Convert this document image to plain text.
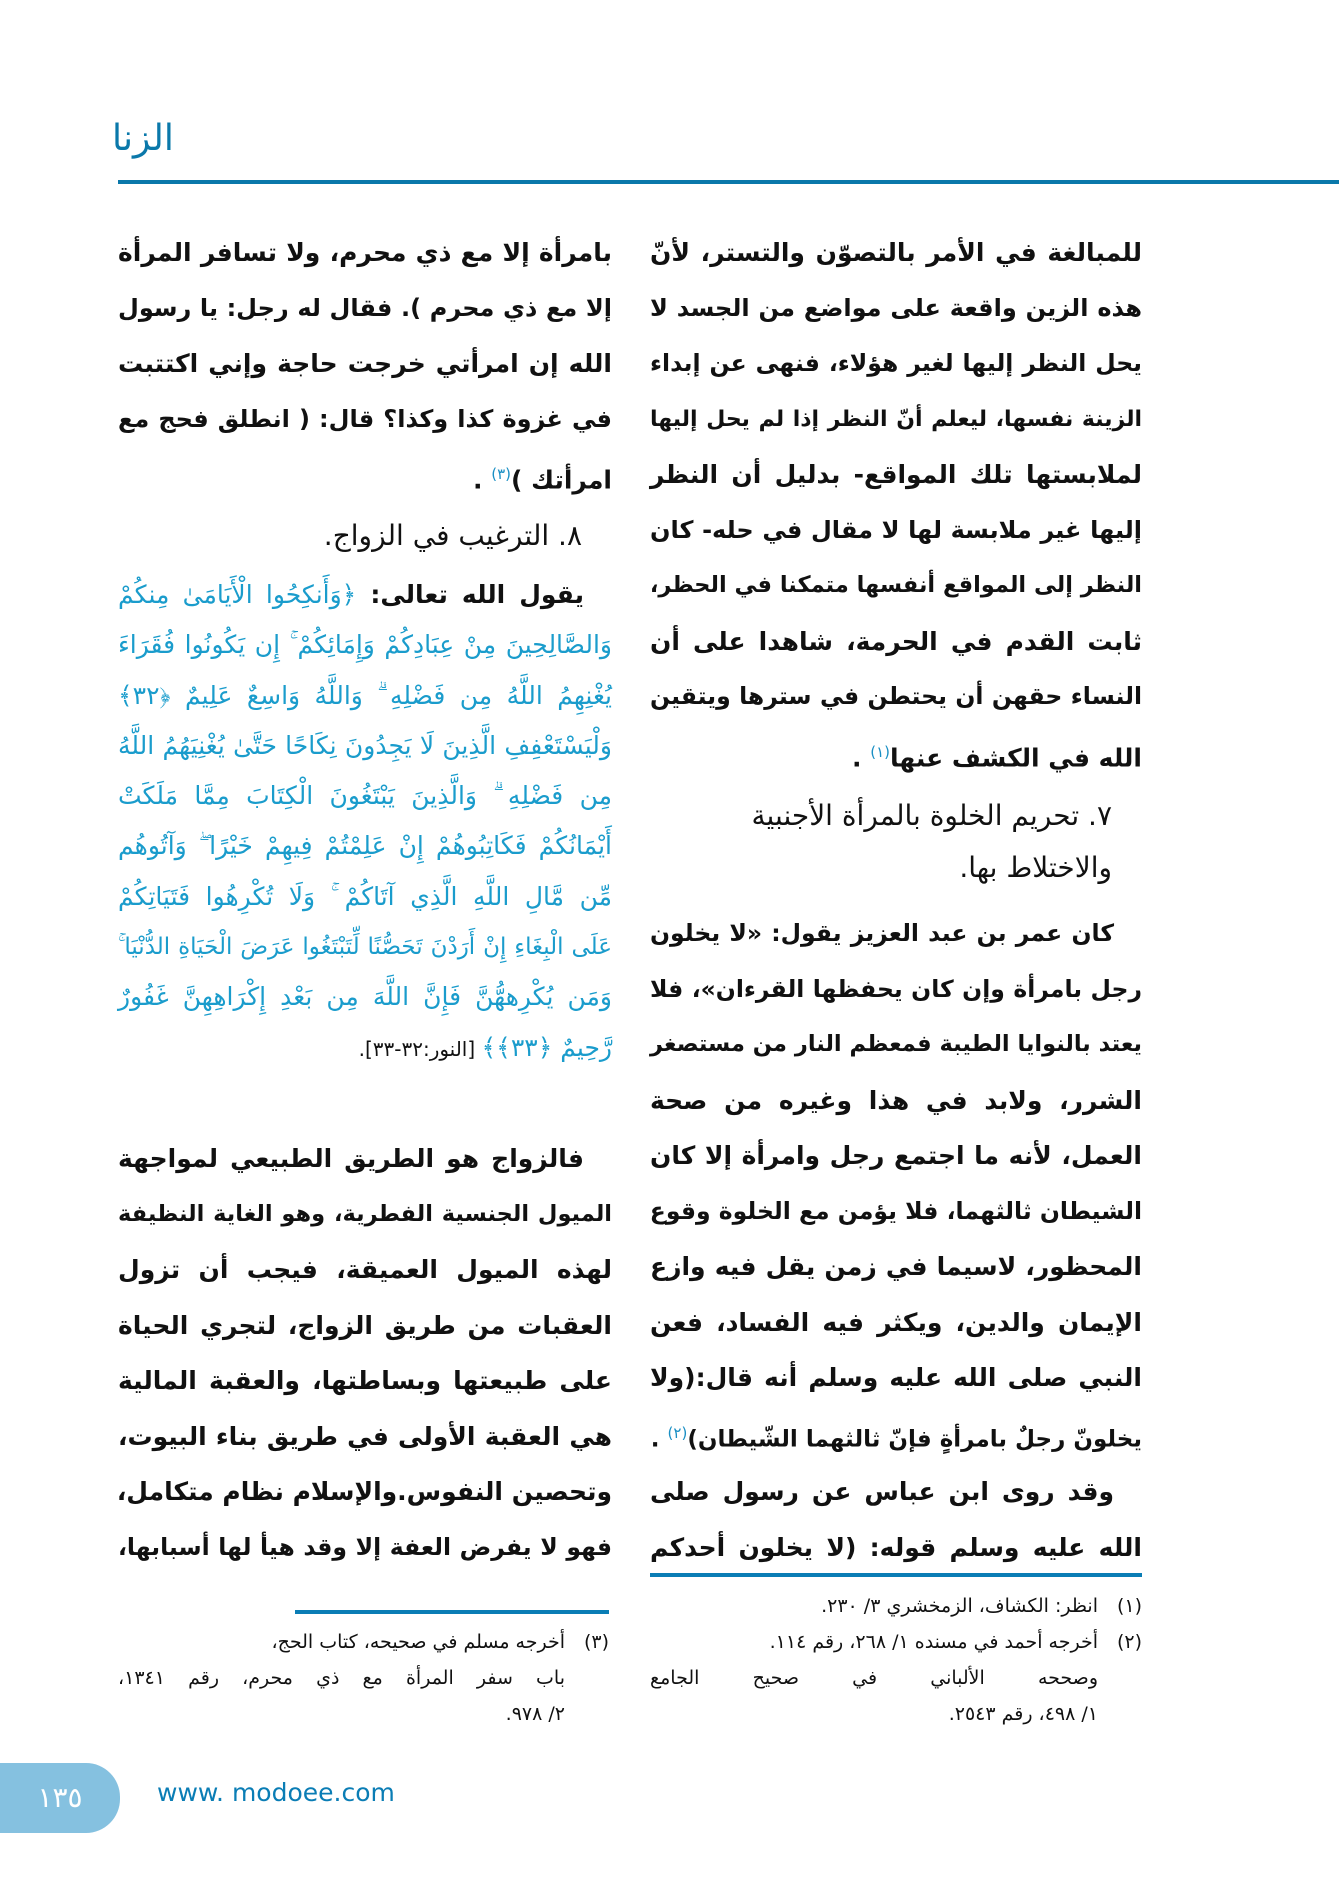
الزنا
للمبالغة في الأمر بالتصوّن والتستر، لأنّ
هذه الزين واقعة على مواضع من الجسد لا
يحل النظر إليها لغير هؤلاء، فنهى عن إبداء
الزينة نفسها، ليعلم أنّ النظر إذا لم يحل إليها
لملابستها تلك المواقع- بدليل أن النظر
إليها غير ملابسة لها لا مقال في حله- كان
النظر إلى المواقع أنفسها متمكنا في الحظر،
ثابت القدم في الحرمة، شاهدا على أن
النساء حقهن أن يحتطن في سترها ويتقين
الله في الكشف عنها$^{(١)}$ .
٧. تحريم الخلوة بالمرأة الأجنبية
والاختلاط بها.
كان عمر بن عبد العزيز يقول: «لا يخلون
رجل بامرأة وإن كان يحفظها القرءان»، فلا
يعتد بالنوايا الطيبة فمعظم النار من مستصغر
الشرر، ولابد في هذا وغيره من صحة
العمل، لأنه ما اجتمع رجل وامرأة إلا كان
الشيطان ثالثهما، فلا يؤمن مع الخلوة وقوع
المحظور، لاسيما في زمن يقل فيه وازع
الإيمان والدين، ويكثر فيه الفساد، فعن
النبي صلى الله عليه وسلم أنه قال:(ولا
يخلونّ رجلٌ بامرأةٍ فإنّ ثالثهما الشّيطان)$^{(٢)}$ .
وقد روى ابن عباس عن رسول صلى
الله عليه وسلم قوله: (لا يخلون أحدكم
(١)انظر: الكشاف، الزمخشري ٣/ ٢٣٠.
(٢)أخرجه أحمد في مسنده ١/ ٢٦٨، رقم ١١٤.
وصححه الألباني في صحيح الجامع
١/ ٤٩٨، رقم ٢٥٤٣.
بامرأة إلا مع ذي محرم، ولا تسافر المرأة
إلا مع ذي محرم ). فقال له رجل: يا رسول
الله إن امرأتي خرجت حاجة وإني اكتتبت
في غزوة كذا وكذا؟ قال: ( انطلق فحج مع
امرأتك )$^{(٣)}$ .
٨. الترغيب في الزواج.
يقول الله تعالى: ﴿وَأَنكِحُوا الْأَيَامَىٰ مِنكُمْ
وَالصَّالِحِينَ مِنْ عِبَادِكُمْ وَإِمَائِكُمْ ۚ إِن يَكُونُوا فُقَرَاءَ
يُغْنِهِمُ اللَّهُ مِن فَضْلِهِ ۗ وَاللَّهُ وَاسِعٌ عَلِيمٌ ﴿٣٢﴾
وَلْيَسْتَعْفِفِ الَّذِينَ لَا يَجِدُونَ نِكَاحًا حَتَّىٰ يُغْنِيَهُمُ اللَّهُ
مِن فَضْلِهِ ۗ وَالَّذِينَ يَبْتَغُونَ الْكِتَابَ مِمَّا مَلَكَتْ
أَيْمَانُكُمْ فَكَاتِبُوهُمْ إِنْ عَلِمْتُمْ فِيهِمْ خَيْرًا ۖ وَآتُوهُم
مِّن مَّالِ اللَّهِ الَّذِي آتَاكُمْ ۚ وَلَا تُكْرِهُوا فَتَيَاتِكُمْ
عَلَى الْبِغَاءِ إِنْ أَرَدْنَ تَحَصُّنًا لِّتَبْتَغُوا عَرَضَ الْحَيَاةِ الدُّنْيَا ۚ
وَمَن يُكْرِههُّنَّ فَإِنَّ اللَّهَ مِن بَعْدِ إِكْرَاهِهِنَّ غَفُورٌ
رَّحِيمٌ ﴿٣٣﴾﴾ [النور:٣٢-٣٣].
فالزواج هو الطريق الطبيعي لمواجهة
الميول الجنسية الفطرية، وهو الغاية النظيفة
لهذه الميول العميقة، فيجب أن تزول
العقبات من طريق الزواج، لتجري الحياة
على طبيعتها وبساطتها، والعقبة المالية
هي العقبة الأولى في طريق بناء البيوت،
وتحصين النفوس.والإسلام نظام متكامل،
فهو لا يفرض العفة إلا وقد هيأ لها أسبابها،
(٣)أخرجه مسلم في صحيحه، كتاب الحج،
باب سفر المرأة مع ذي محرم، رقم ١٣٤١،
٢/ ٩٧٨.
١٣٥	www. modoee.com
